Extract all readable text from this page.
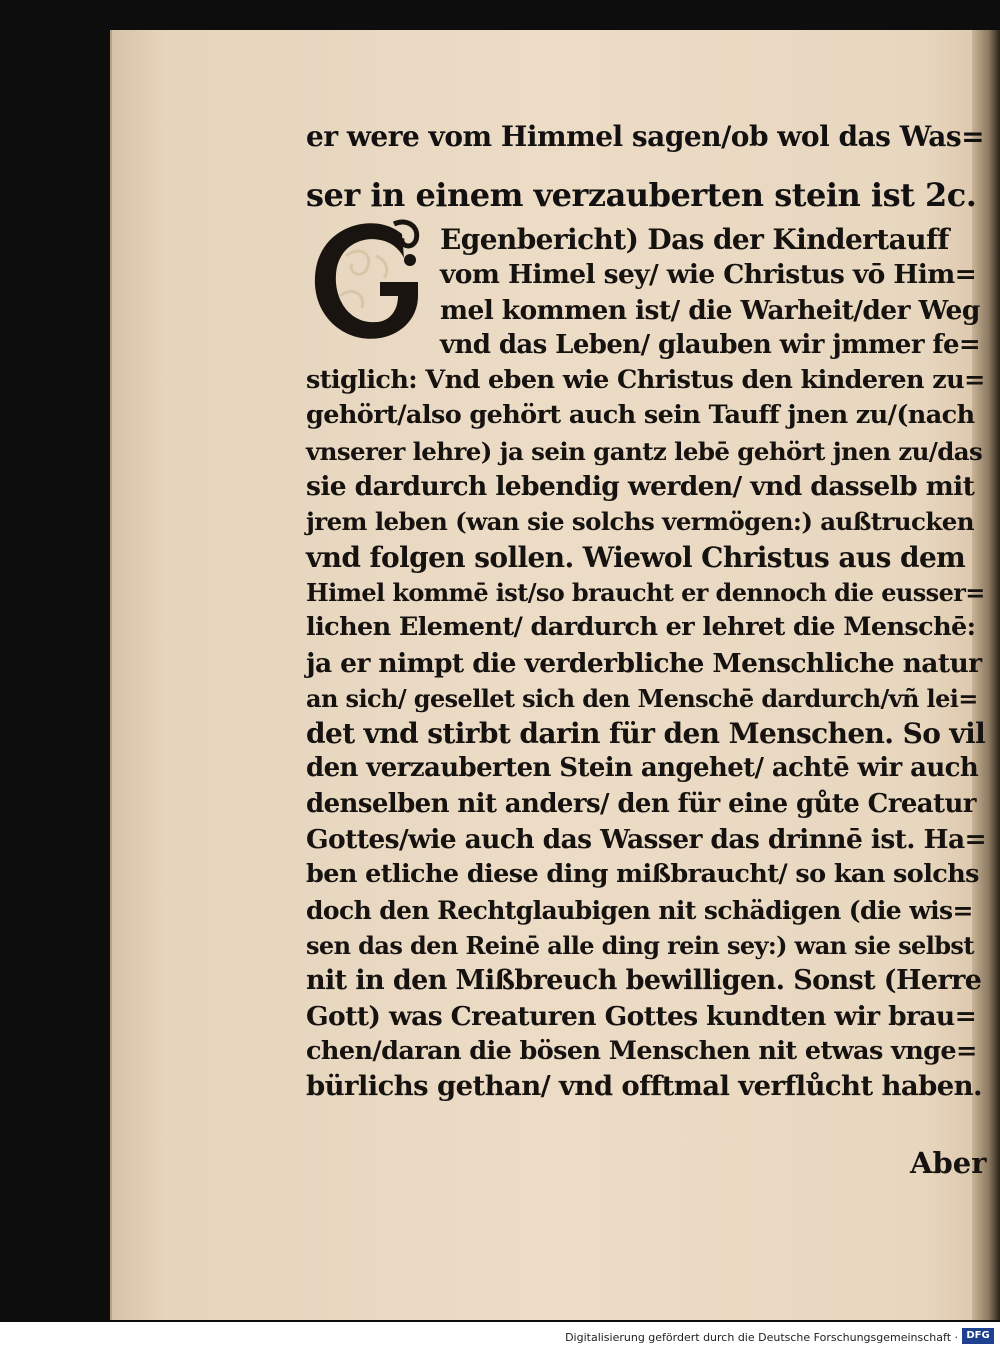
er were vom Himmel sagen/ob wol das Was=
ser in einem verzauberten stein ist 2c.
Egenbericht) Das der Kindertauff
vom Himel sey/ wie Christus vō Him=
mel kommen ist/ die Warheit/der Weg
vnd das Leben/ glauben wir jmmer fe=
stiglich: Vnd eben wie Christus den kinderen zu=
gehört/also gehört auch sein Tauff jnen zu/(nach
vnserer lehre) ja sein gantz lebē gehört jnen zu/das
sie dardurch lebendig werden/ vnd dasselb mit
jrem leben (wan sie solchs vermögen:) außtrucken
vnd folgen sollen. Wiewol Christus aus dem
Himel kommē ist/so braucht er dennoch die eusser=
lichen Element/ dardurch er lehret die Menschē:
ja er nimpt die verderbliche Menschliche natur
an sich/ gesellet sich den Menschē dardurch/vñ lei=
det vnd stirbt darin für den Menschen. So vil
den verzauberten Stein angehet/ achtē wir auch
denselben nit anders/ den für eine gůte Creatur
Gottes/wie auch das Wasser das drinnē ist. Ha=
ben etliche diese ding mißbraucht/ so kan solchs
doch den Rechtglaubigen nit schädigen (die wis=
sen das den Reinē alle ding rein sey:) wan sie selbst
nit in den Mißbreuch bewilligen. Sonst (Herre
Gott) was Creaturen Gottes kundten wir brau=
chen/daran die bösen Menschen nit etwas vnge=
bürlichs gethan/ vnd offtmal verflůcht haben.
Aber
Digitalisierung gefördert durch die Deutsche Forschungsgemeinschaft · DFG
